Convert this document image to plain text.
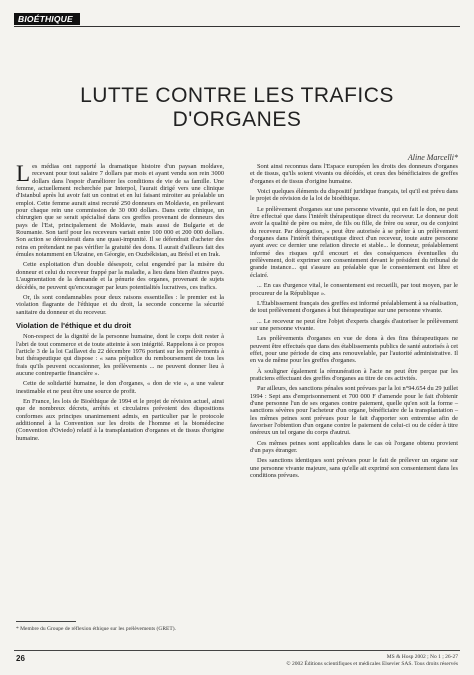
BIOÉTHIQUE
LUTTE CONTRE LES TRAFICS
D'ORGANES
Aline Marcelli*

Les médias ont rapporté la dramatique histoire d'un paysan moldave, recevant pour tout salaire 7 dollars par mois et ayant vendu son rein 3000 dollars dans l'espoir d'améliorer les conditions de vie de sa famille. Une femme, actuellement recherchée par Interpol, l'aurait dirigé vers une clinique d'Istanbul après lui avoir fait un contrat et en lui faisant miroiter au préalable un emploi. Cette femme aurait ainsi recruté 250 donneurs en Moldavie, en prélevant pour chaque rein une commission de 30 000 dollars. Dans cette clinique, un chirurgien que se serait spécialisé dans ces greffes provenant de donneurs des pays de l'Est, principalement de Moldavie, mais aussi de Bulgarie et de Roumanie. Son tarif pour les receveurs variait entre 100 000 et 200 000 dollars. Son action se déroulerait dans une quasi-impunité. Il se défendrait d'acheter des reins en prétendant ne pas vérifier la gratuité des dons. Il aurait d'ailleurs fait des émules notamment en Ukraine, en Géorgie, en Ouzbékistan, au Brésil et en Irak.

Cette exploitation d'un double désespoir, celui engendré par la misère du donneur et celui du receveur frappé par la maladie, a lieu dans bien d'autres pays. L'augmentation de la demande et la pénurie des organes, provenant de sujets décédés, ne peuvent qu'encourager par leurs potentialités lucratives, ces trafics.

Or, ils sont condamnables pour deux raisons essentielles : le premier est la violation flagrante de l'éthique et du droit, la seconde concerne la sécurité sanitaire du donneur et du receveur.

Violation de l'éthique et du droit

Non-respect de la dignité de la personne humaine, dont le corps doit rester à l'abri de tout commerce et de toute atteinte à son intégrité. Rappelons à ce propos l'article 3 de la loi Caillavet du 22 décembre 1976 portant sur les prélèvements à but thérapeutique qui dispose : « sans préjudice du remboursement de tous les frais qu'ils peuvent occasionner, les prélèvements ... ne peuvent donner lieu à aucune contrepartie financière ».

Cette de solidarité humaine, le don d'organes, « don de vie », a une valeur inestimable et ne peut être une source de profit.

En France, les lois de Bioéthique de 1994 et le projet de révision actuel, ainsi que de nombreux décrets, arrêtés et circulaires prévoient des dispositions conformes aux principes unanimement admis, en particulier par le protocole additionnel à la Convention sur les droits de l'homme et la biomédecine (Convention d'Oviedo) relatif à la transplantation d'organes et de tissus d'origine humaine.

Sont ainsi reconnus dans l'Espace européen les droits des donneurs d'organes et de tissus, qu'ils soient vivants ou décédés, et ceux des bénéficiaires de greffes d'organes et de tissus d'origine humaine.

Voici quelques éléments du dispositif juridique français, tel qu'il est prévu dans le projet de révision de la loi de bioéthique.

Le prélèvement d'organes sur une personne vivante, qui en fait le don, ne peut être effectué que dans l'intérêt thérapeutique direct du receveur. Le donneur doit avoir la qualité de père ou mère, de fils ou fille, de frère ou sœur, ou de conjoint du receveur. Par dérogation, « peut être autorisée à se prêter à un prélèvement d'organes dans l'intérêt thérapeutique direct d'un receveur, toute autre personne ayant avec ce dernier une relation directe et stable... le donneur, préalablement informé des risques qu'il encourt et des conséquences éventuelles du prélèvement, doit exprimer son consentement devant le président du tribunal de grande instance... qui s'assure au préalable que le consentement est libre et éclairé.

... En cas d'urgence vital, le consentement est recueilli, par tout moyen, par le procureur de la République ».

L'Établissement français des greffes est informé préalablement à sa réalisation, de tout prélèvement d'organes à but thérapeutique sur une personne vivante.

... Le receveur ne peut être l'objet d'experts chargés d'autoriser le prélèvement sur une personne vivante.

Les prélèvements d'organes en vue de dons à des fins thérapeutiques ne peuvent être effectués que dans des établissements publics de santé autorisés à cet effet, pour une période de cinq ans renouvelable, par l'autorité administrative. Il en va de même pour les greffes d'organes.

À souligner également la rémunération à l'acte ne peut être perçue par les praticiens effectuant des greffes d'organes au titre de ces activités.

Par ailleurs, des sanctions pénales sont prévues par la loi n°94.654 du 29 juillet 1994 : Sept ans d'emprisonnement et 700 000 F d'amende pour le fait d'obtenir d'une personne l'un de ses organes contre paiement, quelle qu'en soit la forme – sanctions sévères pour l'acheteur d'un organe, bénéficiaire de la transplantation – les mêmes peines sont prévues pour le fait d'apporter son entremise afin de favoriser l'obtention d'un organe contre le paiement de celui-ci ou de céder à titre onéreux un tel organe du corps d'autrui.

Ces mêmes peines sont applicables dans le cas où l'organe obtenu provient d'un pays étranger.

Des sanctions identiques sont prévues pour le fait de prélever un organe sur une personne vivante majeure, sans qu'elle ait exprimé son consentement dans les conditions prévues.

* Membre du Groupe de réflexion éthique sur les prélèvements (GRET).
26	MS & Hosp 2002 ; No 1 ; 26-27
© 2002 Éditions scientifiques et médicales Elsevier SAS. Tous droits réservés
